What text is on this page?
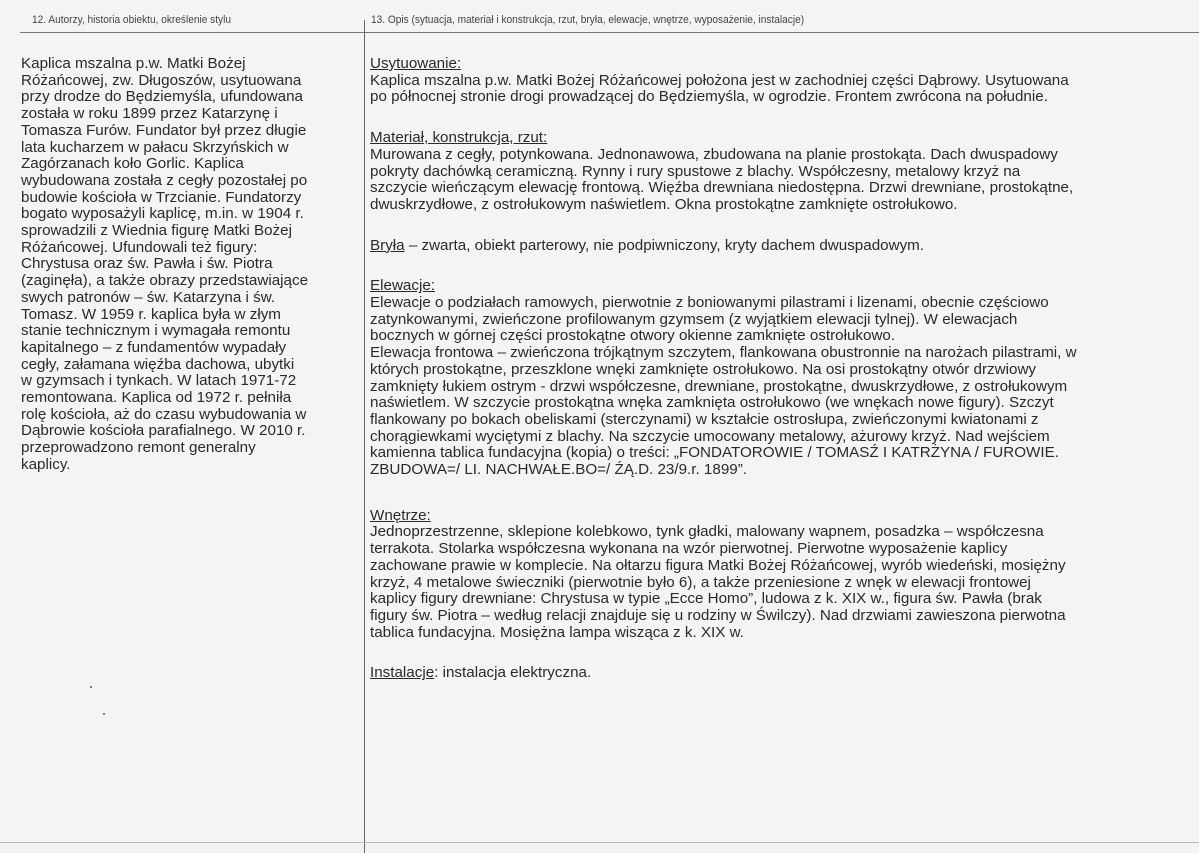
12. Autorzy, historia obiektu, określenie stylu	13. Opis (sytuacja, materiał i konstrukcja, rzut, bryła, elewacje, wnętrze, wyposażenie, instalacje)
Kaplica mszalna p.w. Matki Bożej
Różańcowej, zw. Długoszów, usytuowana
przy drodze do Będziemyśla, ufundowana
została w roku 1899 przez Katarzynę i
Tomasza Furów. Fundator był przez długie
lata kucharzem w pałacu Skrzyńskich w
Zagórzanach koło Gorlic. Kaplica
wybudowana została z cegły pozostałej po
budowie kościoła w Trzcianie. Fundatorzy
bogato wyposażyli kaplicę, m.in. w 1904 r.
sprowadzili z Wiednia figurę Matki Bożej
Różańcowej. Ufundowali też figury:
Chrystusa oraz św. Pawła i św. Piotra
(zaginęła), a także obrazy przedstawiające
swych patronów – św. Katarzyna i św.
Tomasz. W 1959 r. kaplica była w złym
stanie technicznym i wymagała remontu
kapitalnego – z fundamentów wypadały
cegły, załamana więźba dachowa, ubytki
w gzymsach i tynkach. W latach 1971-72
remontowana. Kaplica od 1972 r. pełniła
rolę kościoła, aż do czasu wybudowania w
Dąbrowie kościoła parafialnego. W 2010 r.
przeprowadzono remont generalny
kaplicy.
Usytuowanie:
Kaplica mszalna p.w. Matki Bożej Różańcowej położona jest w zachodniej części Dąbrowy. Usytuowana
po północnej stronie drogi prowadzącej do Będziemyśla, w ogrodzie. Frontem zwrócona na południe.
Materiał, konstrukcja, rzut:
Murowana z cegły, potynkowana. Jednonawowa, zbudowana na planie prostokąta. Dach dwuspadowy
pokryty dachówką ceramiczną. Rynny i rury spustowe z blachy. Współczesny, metalowy krzyż na
szczycie wieńczącym elewację frontową. Więźba drewniana niedostępna. Drzwi drewniane, prostokątne,
dwuskrzydłowe, z ostrołukowym naświetlem. Okna prostokątne zamknięte ostrołukowo.
Bryła – zwarta, obiekt parterowy, nie podpiwniczony, kryty dachem dwuspadowym.
Elewacje:
Elewacje o podziałach ramowych, pierwotnie z boniowanymi pilastrami i lizenami, obecnie częściowo
zatynkowanymi, zwieńczone profilowanym gzymsem (z wyjątkiem elewacji tylnej). W elewacjach
bocznych w górnej części prostokątne otwory okienne zamknięte ostrołukowo.
Elewacja frontowa – zwieńczona trójkątnym szczytem, flankowana obustronnie na narożach pilastrami, w
których prostokątne, przeszklone wnęki zamknięte ostrołukowo. Na osi prostokątny otwór drzwiowy
zamknięty łukiem ostrym - drzwi współczesne, drewniane, prostokątne, dwuskrzydłowe, z ostrołukowym
naświetlem. W szczycie prostokątna wnęka zamknięta ostrołukowo (we wnękach nowe figury). Szczyt
flankowany po bokach obeliskami (sterczynami) w kształcie ostrosłupa, zwieńczonymi kwiatonami z
chorągiewkami wyciętymi z blachy. Na szczycie umocowany metalowy, ażurowy krzyż. Nad wejściem
kamienna tablica fundacyjna (kopia) o treści: „FONDATOROWIE / TOMASŹ I KATRŻYNA / FUROWIE.
ZBUDOWA=/ LI. NACHWAŁE.BO=/ ŹĄ.D. 23/9.r. 1899”.
Wnętrze:
Jednoprzestrzenne, sklepione kolebkowo, tynk gładki, malowany wapnem, posadzka – współczesna
terrakota. Stolarka współczesna wykonana na wzór pierwotnej. Pierwotne wyposażenie kaplicy
zachowane prawie w komplecie. Na ołtarzu figura Matki Bożej Różańcowej, wyrób wiedeński, mosiężny
krzyż, 4 metalowe świeczniki (pierwotnie było 6), a także przeniesione z wnęk w elewacji frontowej
kaplicy figury drewniane: Chrystusa w typie „Ecce Homo”, ludowa z k. XIX w., figura św. Pawła (brak
figury św. Piotra – według relacji znajduje się u rodziny w Świlczy). Nad drzwiami zawieszona pierwotna
tablica fundacyjna. Mosiężna lampa wisząca z k. XIX w.
Instalacje: instalacja elektryczna.
